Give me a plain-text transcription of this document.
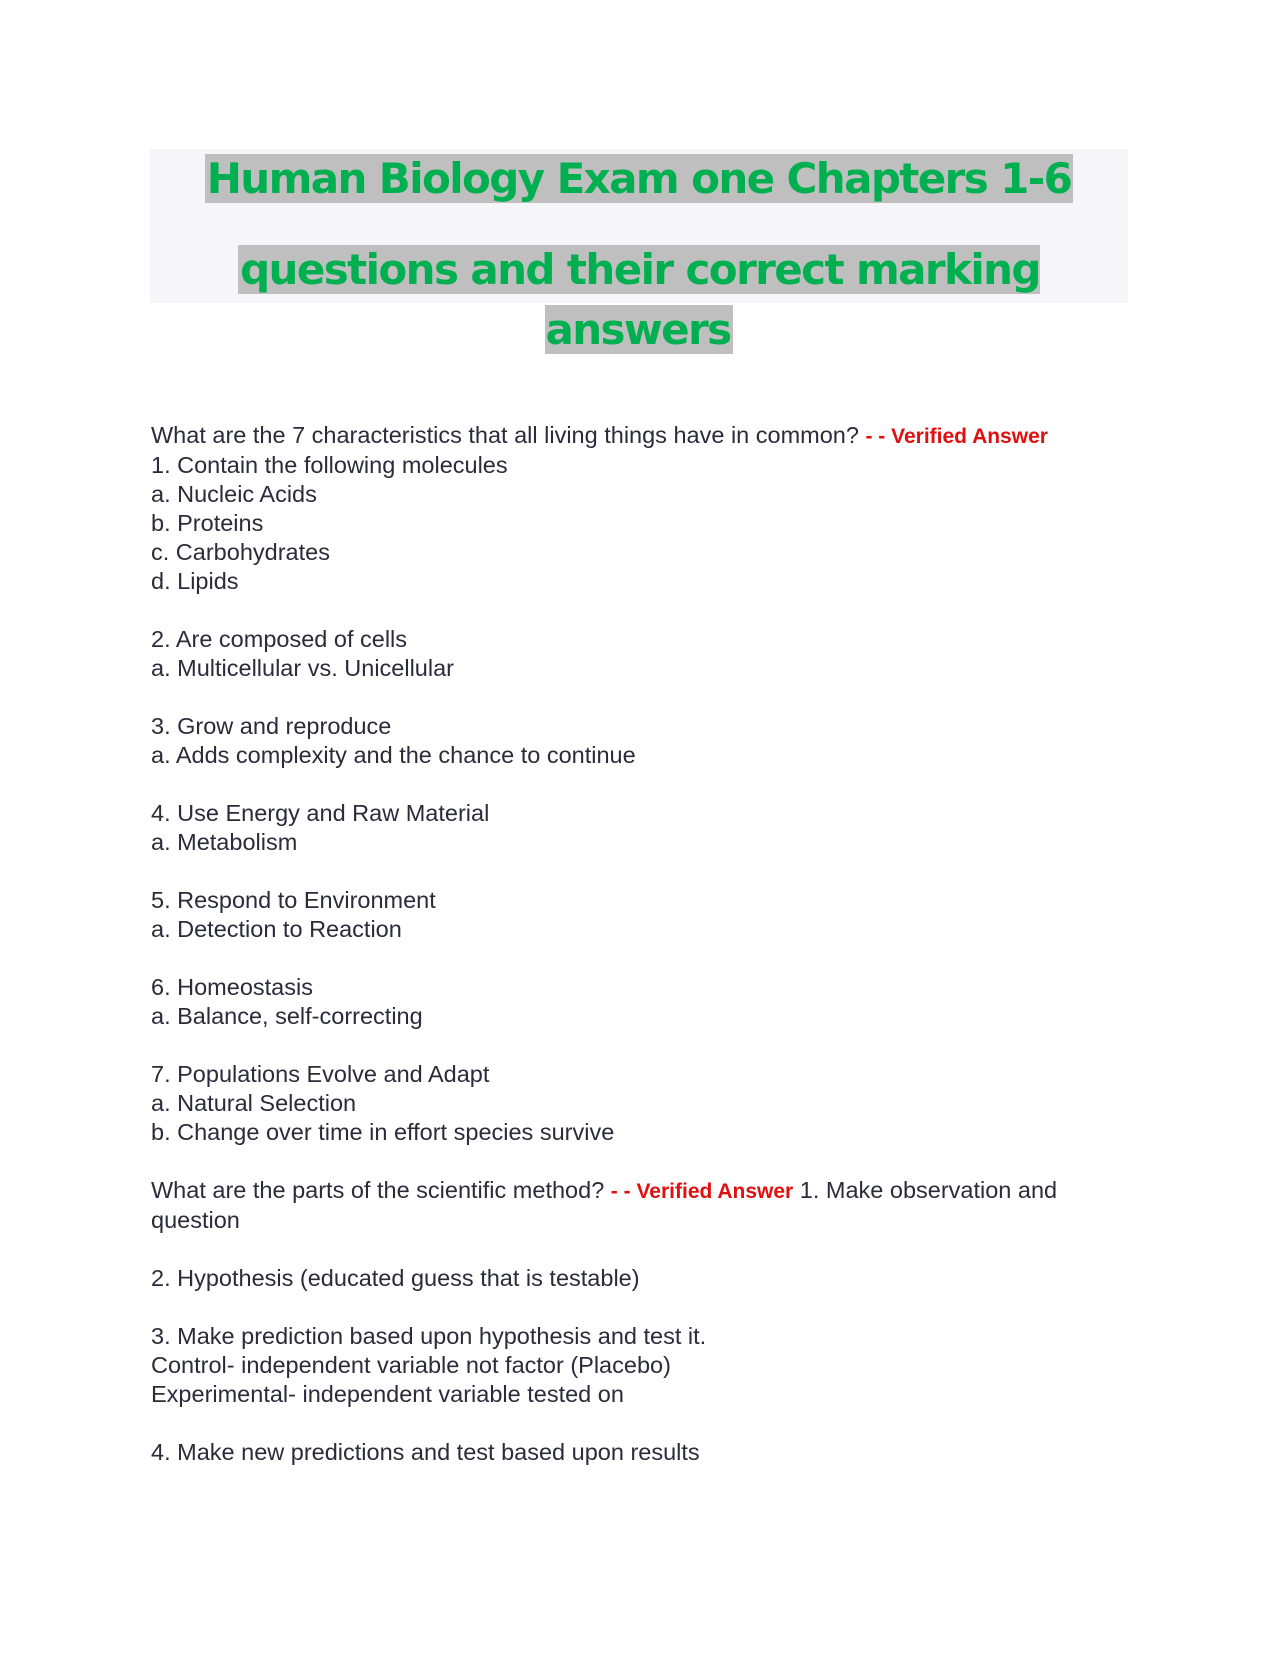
Human Biology Exam one Chapters 1-6
questions and their correct marking answers
What are the 7 characteristics that all living things have in common? - - Verified Answer
1. Contain the following molecules
a. Nucleic Acids
b. Proteins
c. Carbohydrates
d. Lipids
2. Are composed of cells
a. Multicellular vs. Unicellular
3. Grow and reproduce
a. Adds complexity and the chance to continue
4. Use Energy and Raw Material
a. Metabolism
5. Respond to Environment
a. Detection to Reaction
6. Homeostasis
a. Balance, self-correcting
7. Populations Evolve and Adapt
a. Natural Selection
b. Change over time in effort species survive
What are the parts of the scientific method? - - Verified Answer 1. Make observation and question
2. Hypothesis (educated guess that is testable)
3. Make prediction based upon hypothesis and test it.
Control- independent variable not factor (Placebo)
Experimental- independent variable tested on
4. Make new predictions and test based upon results
